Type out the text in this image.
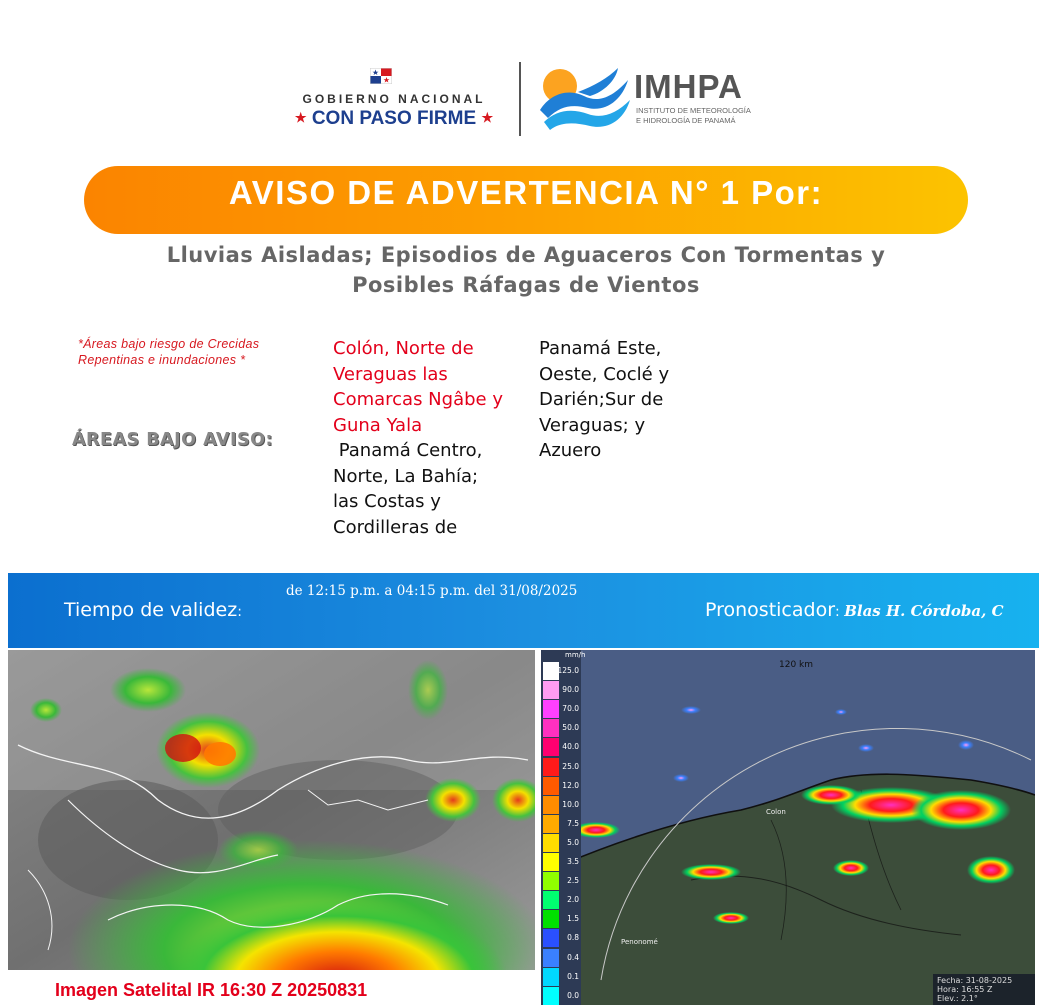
GOBIERNO NACIONAL
★ CON PASO FIRME ★
IMHPA
INSTITUTO DE METEOROLOGÍA
E HIDROLOGÍA DE PANAMÁ
AVISO DE ADVERTENCIA N° 1 Por:
Lluvias Aisladas; Episodios de Aguaceros Con Tormentas y
Posibles Ráfagas de Vientos
*Áreas bajo riesgo de Crecidas
Repentinas e inundaciones *
ÁREAS BAJO AVISO:
Colón, Norte de
Veraguas las
Comarcas Ngâbe y
Guna Yala
Panamá Centro,
Norte, La Bahía;
las Costas y
Cordilleras de
Panamá Este,
Oeste, Coclé y
Darién;Sur de
Veraguas; y
Azuero
de 12:15 p.m. a 04:15 p.m. del 31/08/2025
Tiempo de validez:	Pronosticador: Blas H. Córdoba, C
Imagen Satelital IR 16:30 Z 20250831
mm/h
125.0
90.0
70.0
50.0
40.0
25.0
12.0
10.0
7.5
5.0
3.5
2.5
2.0
1.5
0.8
0.4
0.1
0.0
120 km
Colon
Penonomé
Fecha: 31-08-2025
Hora: 16:55 Z
Elev.: 2.1°
